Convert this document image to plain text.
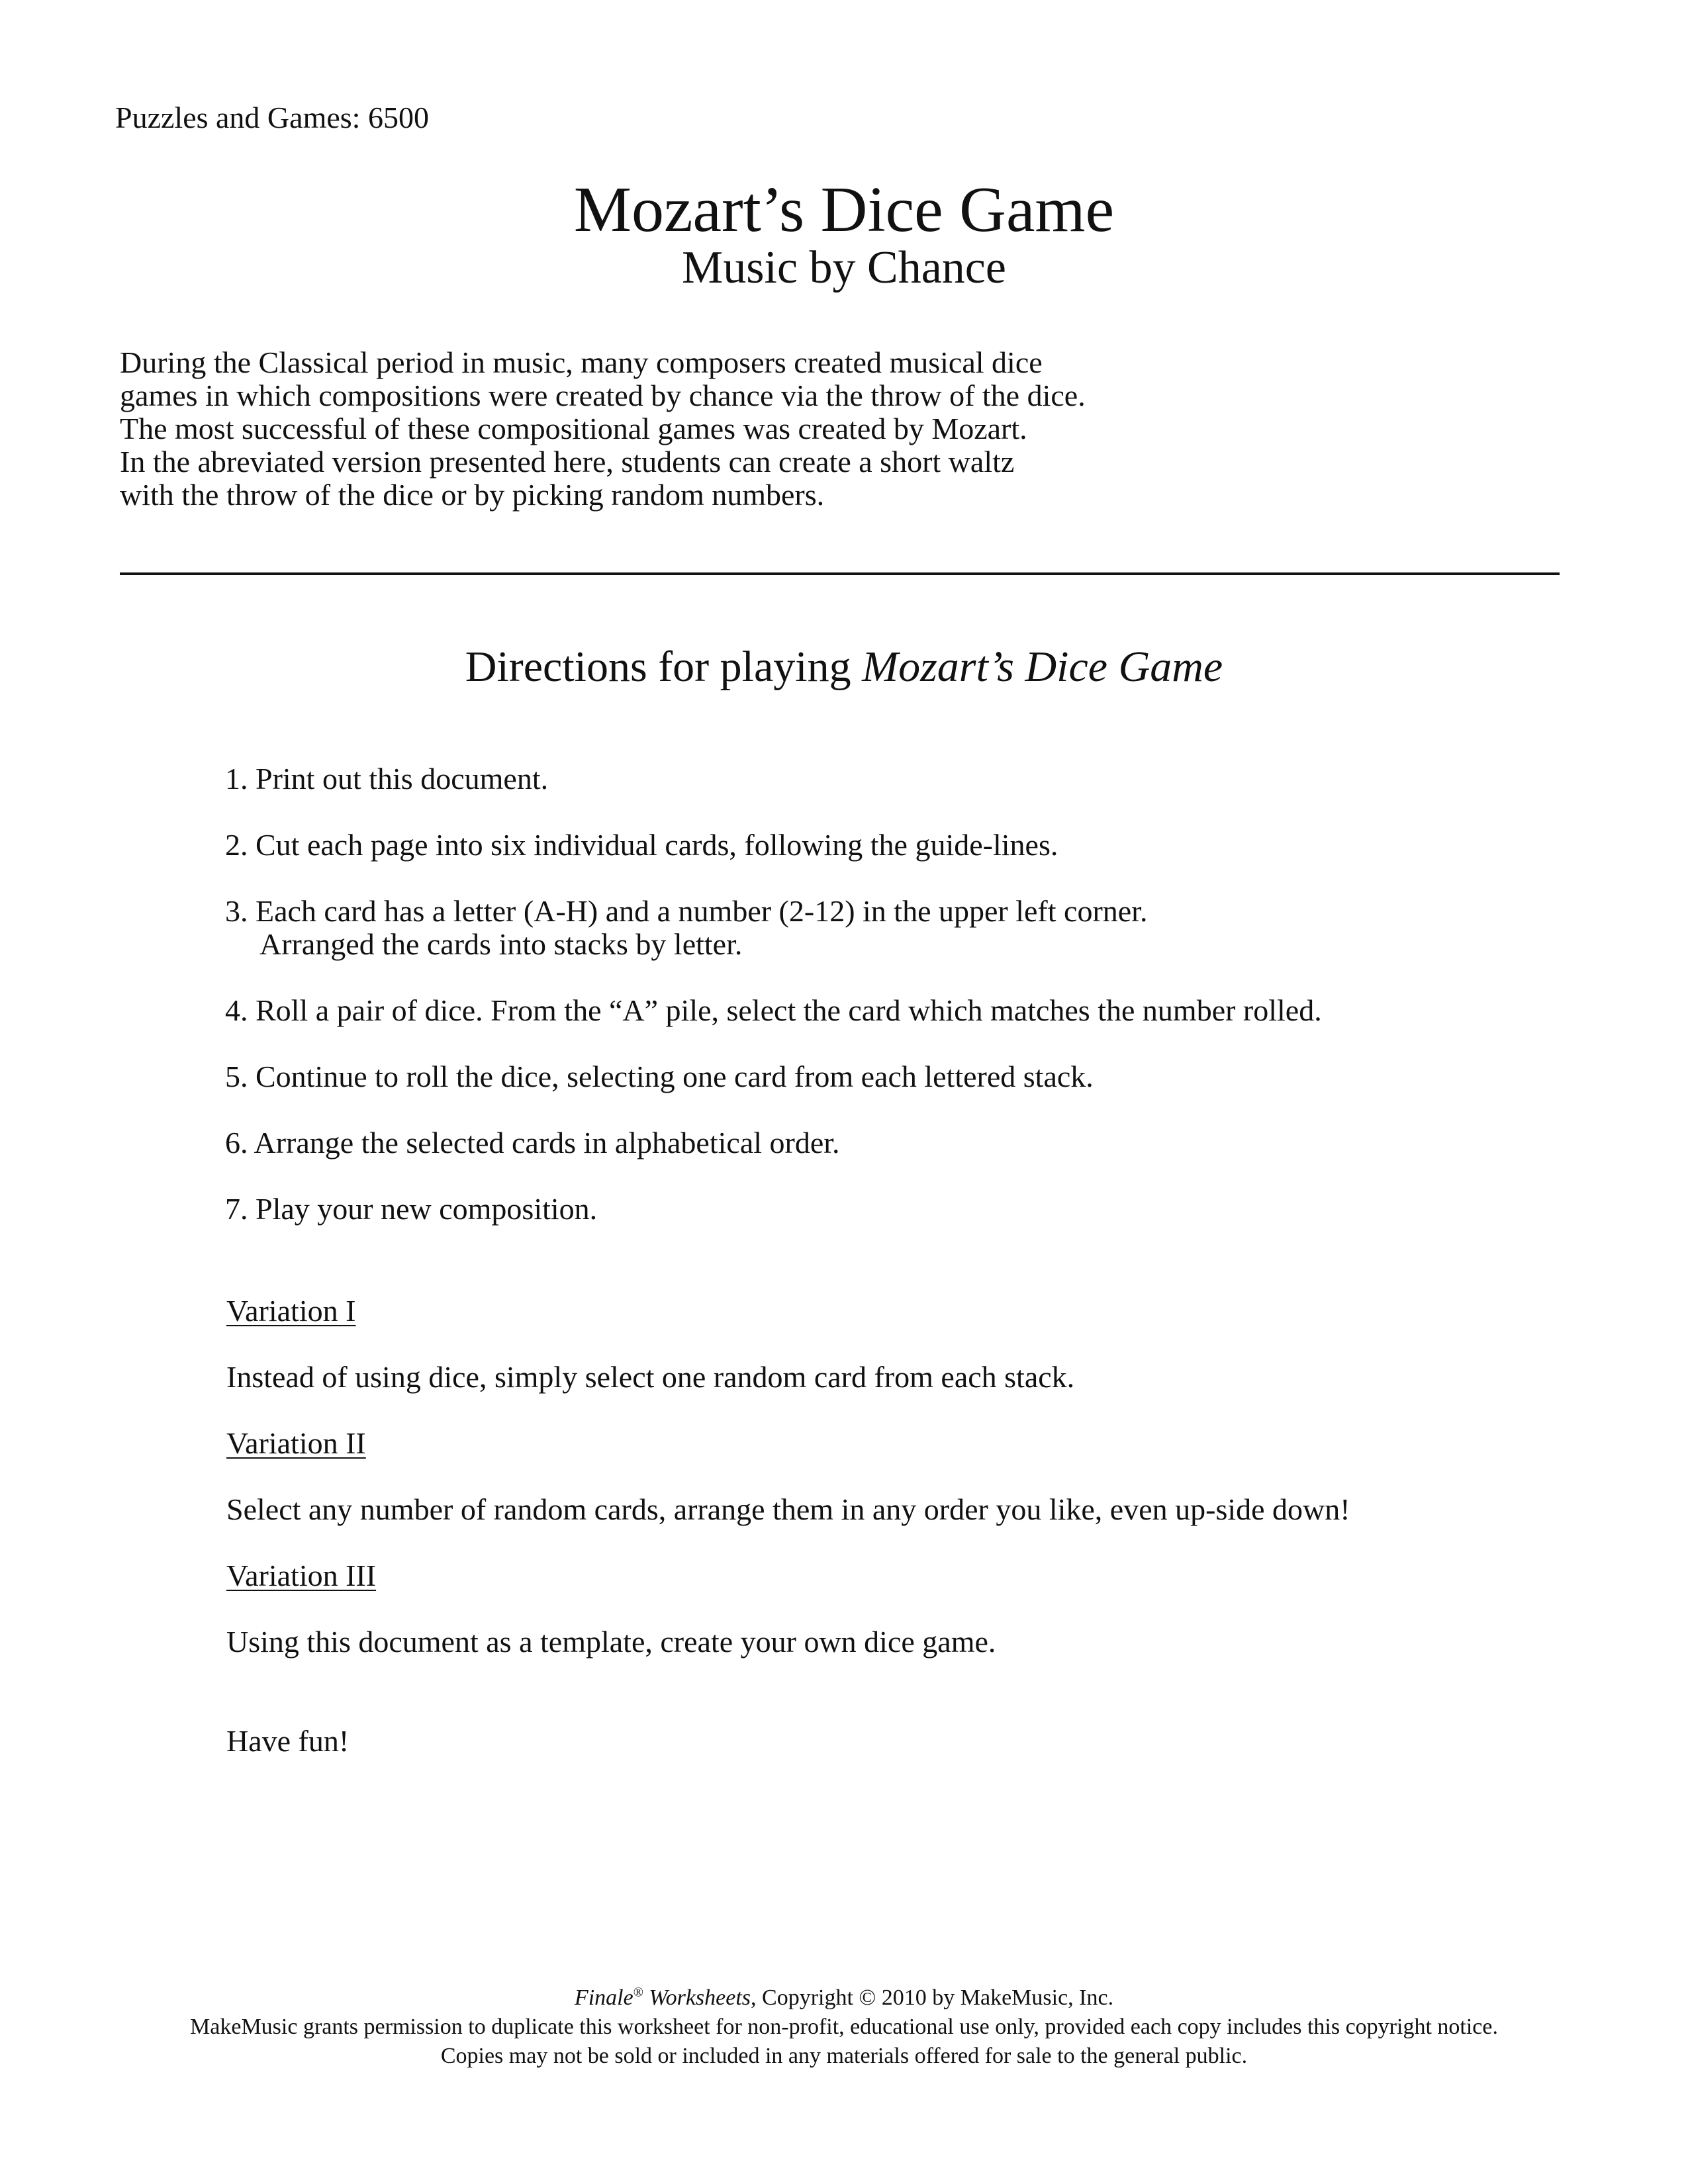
Puzzles and Games: 6500

Mozart’s Dice Game
Music by Chance
During the Classical period in music, many composers created musical dice
games in which compositions were created by chance via the throw of the dice.
The most successful of these compositional games was created by Mozart.
In the abreviated version presented here, students can create a short waltz
with the throw of the dice or by picking random numbers.
Directions for playing Mozart’s Dice Game
1. Print out this document.
2. Cut each page into six individual cards, following the guide-lines.
3. Each card has a letter (A-H) and a number (2-12) in the upper left corner.
Arranged the cards into stacks by letter.
4. Roll a pair of dice. From the “A” pile, select the card which matches the number rolled.
5. Continue to roll the dice, selecting one card from each lettered stack.
6. Arrange the selected cards in alphabetical order.
7. Play your new composition.

Variation I

Instead of using dice, simply select one random card from each stack.

Variation II

Select any number of random cards, arrange them in any order you like, even up-side down!

Variation III

Using this document as a template, create your own dice game.

Have fun!

Finale® Worksheets, Copyright © 2010 by MakeMusic, Inc.

MakeMusic grants permission to duplicate this worksheet for non-profit, educational use only, provided each copy includes this copyright notice.

Copies may not be sold or included in any materials offered for sale to the general public.
